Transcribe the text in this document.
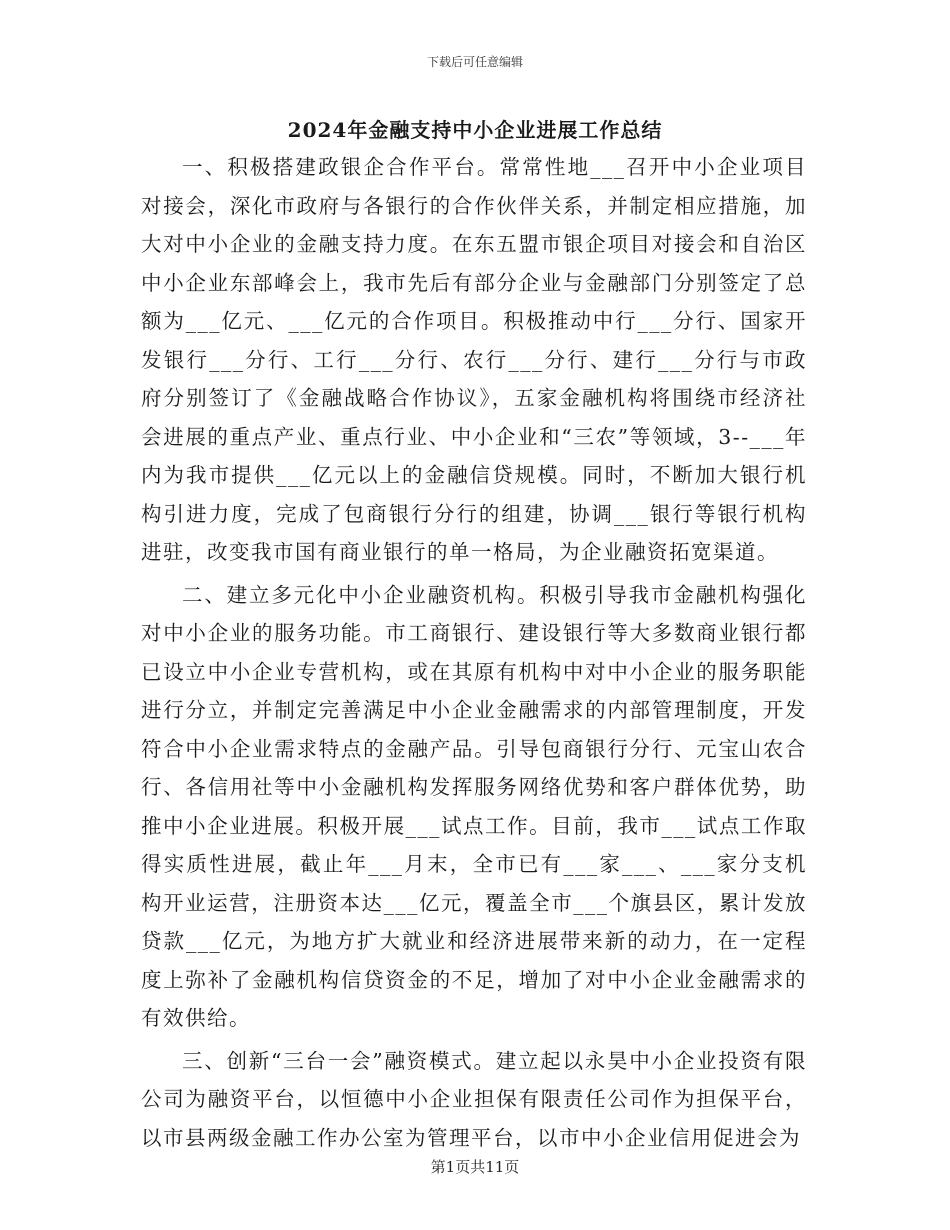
下载后可任意编辑
2024年金融支持中小企业进展工作总结

一、积极搭建政银企合作平台。常常性地___召开中小企业项目对接会，深化市政府与各银行的合作伙伴关系，并制定相应措施，加大对中小企业的金融支持力度。在东五盟市银企项目对接会和自治区中小企业东部峰会上，我市先后有部分企业与金融部门分别签定了总额为___亿元、___亿元的合作项目。积极推动中行___分行、国家开发银行___分行、工行___分行、农行___分行、建行___分行与市政府分别签订了《金融战略合作协议》，五家金融机构将围绕市经济社会进展的重点产业、重点行业、中小企业和“三农”等领域，3--___年内为我市提供___亿元以上的金融信贷规模。同时，不断加大银行机构引进力度，完成了包商银行分行的组建，协调___银行等银行机构进驻，改变我市国有商业银行的单一格局，为企业融资拓宽渠道。

二、建立多元化中小企业融资机构。积极引导我市金融机构强化对中小企业的服务功能。市工商银行、建设银行等大多数商业银行都已设立中小企业专营机构，或在其原有机构中对中小企业的服务职能进行分立，并制定完善满足中小企业金融需求的内部管理制度，开发符合中小企业需求特点的金融产品。引导包商银行分行、元宝山农合行、各信用社等中小金融机构发挥服务网络优势和客户群体优势，助推中小企业进展。积极开展___试点工作。目前，我市___试点工作取得实质性进展，截止年___月末，全市已有___家___、___家分支机构开业运营，注册资本达___亿元，覆盖全市___个旗县区，累计发放贷款___亿元，为地方扩大就业和经济进展带来新的动力，在一定程度上弥补了金融机构信贷资金的不足，增加了对中小企业金融需求的有效供给。

三、创新“三台一会”融资模式。建立起以永昊中小企业投资有限公司为融资平台，以恒德中小企业担保有限责任公司作为担保平台，以市县两级金融工作办公室为管理平台，以市中小企业信用促进会为

第1页共11页
